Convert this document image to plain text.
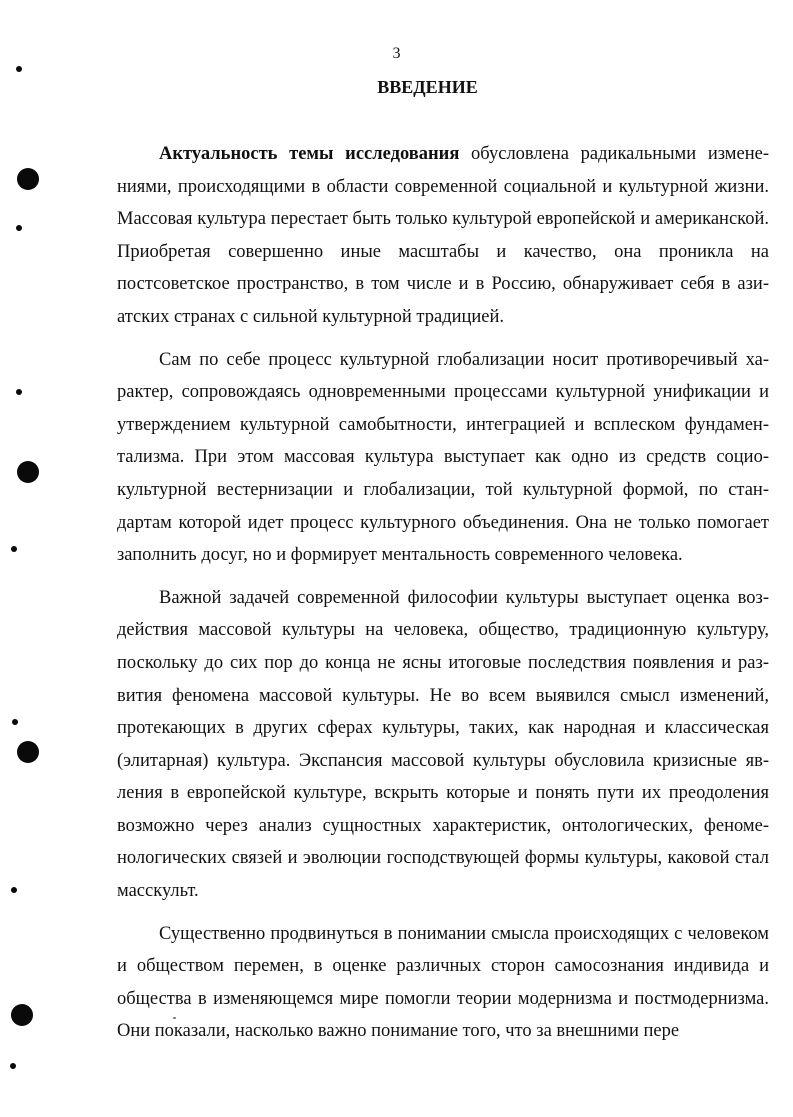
3
ВВЕДЕНИЕ

Актуальность темы исследования обусловлена радикальными изменениями, происходящими в области современной социальной и культурной жизни. Массовая культура перестает быть только культурой европейской и американской. Приобретая совершенно иные масштабы и качество, она проникла на постсоветское пространство, в том числе и в Россию, обнаруживает себя в азиатских странах с сильной культурной традицией.

Сам по себе процесс культурной глобализации носит противоречивый характер, сопровождаясь одновременными процессами культурной унификации и утверждением культурной самобытности, интеграцией и всплеском фундаментализма. При этом массовая культура выступает как одно из средств социокультурной вестернизации и глобализации, той культурной формой, по стандартам которой идет процесс культурного объединения. Она не только помогает заполнить досуг, но и формирует ментальность современного человека.

Важной задачей современной философии культуры выступает оценка воздействия массовой культуры на человека, общество, традиционную культуру, поскольку до сих пор до конца не ясны итоговые последствия появления и развития феномена массовой культуры. Не во всем выявился смысл изменений, протекающих в других сферах культуры, таких, как народная и классическая (элитарная) культура. Экспансия массовой культуры обусловила кризисные явления в европейской культуре, вскрыть которые и понять пути их преодоления возможно через анализ сущностных характеристик, онтологических, феноменологических связей и эволюции господствующей формы культуры, каковой стал масскульт.

Существенно продвинуться в понимании смысла происходящих с человеком и обществом перемен, в оценке различных сторон самосознания индивида и общества в изменяющемся мире помогли теории модернизма и постмодернизма. Они показали, насколько важно понимание того, что за внешними пере
